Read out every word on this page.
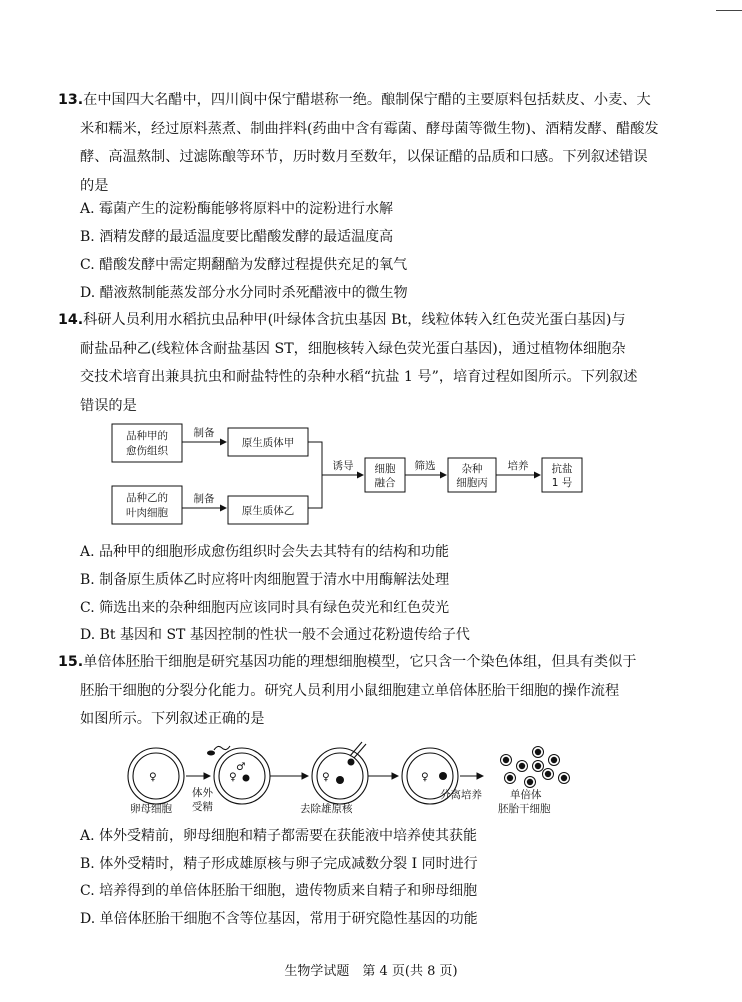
13.在中国四大名醋中，四川阆中保宁醋堪称一绝。酿制保宁醋的主要原料包括麸皮、小麦、大
米和糯米，经过原料蒸煮、制曲拌料(药曲中含有霉菌、酵母菌等微生物)、酒精发酵、醋酸发
酵、高温熬制、过滤陈酿等环节，历时数月至数年，以保证醋的品质和口感。下列叙述错误
的是
A. 霉菌产生的淀粉酶能够将原料中的淀粉进行水解
B. 酒精发酵的最适温度要比醋酸发酵的最适温度高
C. 醋酸发酵中需定期翻醅为发酵过程提供充足的氧气
D. 醋液熬制能蒸发部分水分同时杀死醋液中的微生物
14.科研人员利用水稻抗虫品种甲(叶绿体含抗虫基因 Bt，线粒体转入红色荧光蛋白基因)与
耐盐品种乙(线粒体含耐盐基因 ST，细胞核转入绿色荧光蛋白基因)，通过植物体细胞杂
交技术培育出兼具抗虫和耐盐特性的杂种水稻“抗盐 1 号”，培育过程如图所示。下列叙述
错误的是
品种甲的
愈伤组织
品种乙的
叶肉细胞
原生质体甲
原生质体乙
细胞
融合
杂种
细胞丙
抗盐
1 号
制备
制备
诱导	筛选	培养
A. 品种甲的细胞形成愈伤组织时会失去其特有的结构和功能
B. 制备原生质体乙时应将叶肉细胞置于清水中用酶解法处理
C. 筛选出来的杂种细胞丙应该同时具有绿色荧光和红色荧光
D. Bt 基因和 ST 基因控制的性状一般不会通过花粉遗传给子代
15.单倍体胚胎干细胞是研究基因功能的理想细胞模型，它只含一个染色体组，但具有类似于
胚胎干细胞的分裂分化能力。研究人员利用小鼠细胞建立单倍体胚胎干细胞的操作流程
如图所示。下列叙述正确的是
♀	♀
♂
♀	♀
卵母细胞
体外
受精	去除雄原核
分离培养	单倍体
胚胎干细胞
A. 体外受精前，卵母细胞和精子都需要在获能液中培养使其获能
B. 体外受精时，精子形成雄原核与卵子完成减数分裂 Ⅰ 同时进行
C. 培养得到的单倍体胚胎干细胞，遗传物质来自精子和卵母细胞
D. 单倍体胚胎干细胞不含等位基因，常用于研究隐性基因的功能
生物学试题　第 4 页(共 8 页)
